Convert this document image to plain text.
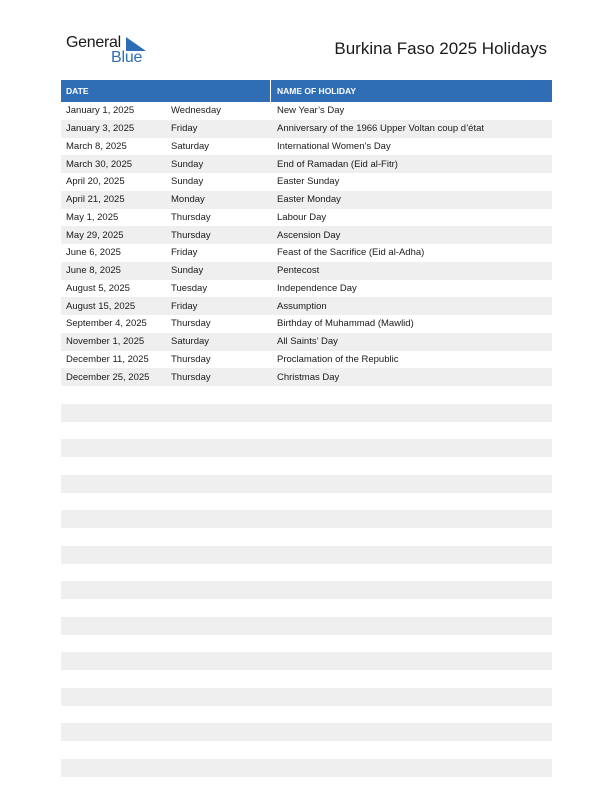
General
Blue	Burkina Faso 2025 Holidays
DATE	NAME OF HOLIDAY
January 1, 2025	Wednesday	New Year’s Day
January 3, 2025	Friday	Anniversary of the 1966 Upper Voltan coup d’état
March 8, 2025	Saturday	International Women’s Day
March 30, 2025	Sunday	End of Ramadan (Eid al-Fitr)
April 20, 2025	Sunday	Easter Sunday
April 21, 2025	Monday	Easter Monday
May 1, 2025	Thursday	Labour Day
May 29, 2025	Thursday	Ascension Day
June 6, 2025	Friday	Feast of the Sacrifice (Eid al-Adha)
June 8, 2025	Sunday	Pentecost
August 5, 2025	Tuesday	Independence Day
August 15, 2025	Friday	Assumption
September 4, 2025	Thursday	Birthday of Muhammad (Mawlid)
November 1, 2025	Saturday	All Saints’ Day
December 11, 2025	Thursday	Proclamation of the Republic
December 25, 2025	Thursday	Christmas Day
